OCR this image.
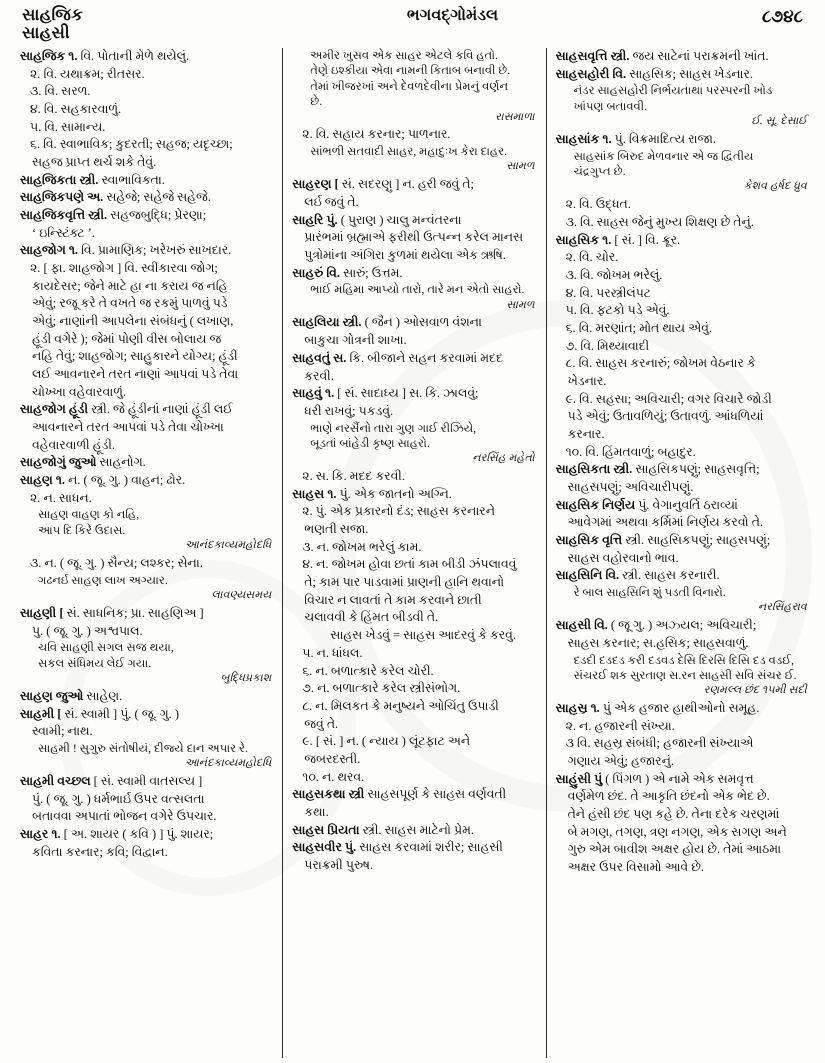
સાહજિક
સાહસી
ભગવદ્ગોમંડલ	૮૭૪૮
સાહજિક ૧. વિ. પોતાની મેળે થયેલું.
૨. વિ. યથાક્રમ; રીતસર.
૩. વિ. સરળ.
૪. વિ. સહકારવાળું.
૫. વિ. સામાન્ય.
૬. વિ. સ્વાભાવિક; કુદરતી; સહજ; યદૃચ્છા;
સહજ પ્રાપ્ત થર્ચ શકે તેવું.
સાહજિકતા સ્ત્રી. સ્વાભાવિકતા.
સાહજિકપણે અ. સહેજે; સહેજે સહેજે.
સાહજિકવૃત્તિ સ્ત્રી. સહજબુદ્ધિ; પ્રેરણા;
‘ ઇન્સ્ટિંક્ટ ’.
સાહજોગ ૧. વિ. પ્રામાણિક; ખરેખરું સાખદાર.
૨. [ ફા. શાહજોગ ] વિ. સ્વીકારવા જોગ;
કાયદેસર; જેને માટે હા ના કરાય જ નહિ
એવું; રજૂ કરે તે વખતે જ રકમું પાળવું પડે
એવું; નાણાંની આપલેના સંબંધનું ( લખાણ,
હૂંડી વગેરે ); જેમાં પોણી વીસ બોલાય જ
નહિ તેવું; શાહજોગ; સાહુકારને યોગ્ય; હૂંડી
લઈ આવનારને તરત નાણાં આપવાં પડે તેવા
ચોખ્ખા વહેવારવાળું.
સાહજોગ હૂંડી સ્ત્રી. જે હૂંડીનાં નાણાં હૂંડી લઈ
આવનારને તરત આપવાં પડે તેવા ચોખ્ખા
વહેવારવાળી હૂંડી.
સાહજોગું જુઓ સાહનોગ.
સાહણ ૧. ન. ( જૂ. ગુ. ) વાહન; ઢોર.
૨. ન. સાધન.
સાહણ વાહણ કો નહિ,
આપ દિ કિરે ઉદાસ.
આનંદકાવ્યમહોદધિ
૩. ન. ( જૂ. ગુ. ) સૈન્ય; લશ્કર; સેના.
ગઢનર્ઇ સાહણ લાખ અગ્યાર.
લાવણ્યસમય
સાહણી [ સં. સાધનિક; પ્રા. સાહણિઅ ]
પુ. ( જૂ. ગુ. ) અશ્વપાલ.
ચવિ સાહણી સગલ સજ થયા,
સકલ સંધિમય લેઈ ગયા.
બુદ્ધિપ્રકાશ
સાહણ જુઓ સાહેણ.
સાહમી [ સં. સ્વામી ] પું. ( જૂ. ગુ. )
સ્વામી; નાથ.
સાહમી ! સુગુરુ સંતોષીયં, દીજ્યે દાન અપાર રે.
આનંદકાવ્યમહોદધિ
સાહમી વચ્છલ [ સં. સ્વામી વાતસલ્ય ]
પું. ( જૂ. ગુ. ) ધર્મભાર્ઇ ઉપર વત્સલતા
બતાવવા અપાતાં ભોજન વગેરે ઉપચાર.
સાહર ૧. [ અ. શાયર ( કવિ ) ] પું. શાયર;
કવિતા કરનાર; કવિ; વિદ્વાન.
અમીર ખુસવ એક સાહર એટલે કવિ હતો.
તેણે ઇશ્કીયા એવા નામની કિતાબ બનાવી છે.
તેમાં ખીજરખાં અને દેવળદેવીના પ્રેમનું વર્ણન
છે.
રાસમાળા
૨. વિ. સહાય કરનાર; પાળનાર.
સાંભળી સતવાદી સાહર, મહાદુઃખ કેરા દાહર.
સામળ
સાહરણ [ સં. સદરણુ ] ન. હરી જવું તે;
લર્ઇ જવું તે.
સાહરિ પું. ( પુરાણ ) ચાલુ મન્વંતરના
પ્રારંભમાં બ્રહ્માએ ફરીથી ઉત્પન્ન કરેલ માનસ
પુત્રોમાંના અંગિરા કુળમાં થયેલા એક ઋષિ.
સાહરું વિ. સારું; ઉત્તમ.
ભાઈ મહિમા આપ્યો તારો, તારે મન એતો સાહરો.
સામળ
સાહલિયા સ્ત્રી. ( જૈન ) ઓસવાળ વંશના
બાકુચા ગોત્રની શાખા.
સાહવતું સ. કિ. બીજાને સહન કરવામાં મદદ
કરવી.
સાહવું ૧. [ સં. સાદાધ્ય ] સ. કિ. ઝાલવું;
ધરી રાખવું; પકડવું.
ભાણે નરસૈંનો તારા ગુણ ગાઈ રીઝિયે,
બૂડતાં બાંહેડી કૃષ્ણ સાહરો.
નરસિંહ મહેતો
૨. સ. કિ. મદદ કરવી.
સાહસ ૧. પું. એક જાતનો અગ્નિ.
૨. પું. એક પ્રકારનો દંડ; સાહસ કરનારને
ભણતી સજા.
૩. ન. જોખમ ભરેલું કામ.
૪. ન. જોખમ હોવા છતાં કામ બીડી ઝંપલાવવું
તે; કામ પાર પાડવામાં પ્રાણની હાનિ થવાનો
વિચાર ન લાવતાં તે કામ કરવાને છાતી
ચલાવવી કે હિંમત બીડવી તે.
સાહસ ખેડવું = સાહસ આદરવું કે કરવું.
૫. ન. ધાંધલ.
૬. ન. બળાત્કારે કરેલ ચોરી.
૭. ન. બળાત્કારે કરેલ સ્ત્રીસંભોગ.
૮. ન. મિલકત કે મનુષ્યને ઓચિંતુ ઉપાડી
જવું તે.
૯. [ સં. ] ન. ( ન્યાય ) લૂંટફાટ અને
જબરદસ્તી.
૧૦. ન. થરવ.
સાહસકથા સ્ત્રી સાહસપૂર્ણ કે સાહસ વર્ણવતી
કથા.
સાહસ પ્રિયતા સ્ત્રી. સાહસ માટેનો પ્રેમ.
સાહસવીર પું. સાહસ કરવામાં શરીર; સાહસી
પરાક્રમી પુરુષ.
સાહસવૃત્તિ સ્ત્રી. જય સાટેનાં પરાક્રમની ખાંત.
સાહસહોરી વિ. સાહસિક; સાહસ ખેડનાર.
નંડર સાહસહોરી નિર્ભયતાથા પરસ્પરની ખોડ
ખાંપણ બતાવવી.
ઈ. સૂ. દેસાઈ
સાહસાંક ૧. પું. વિક્રમાદિત્ય રાજા.
સાહસાંક બિરુદ મેળવનાર એ જ દ્વિતીય
ચંદ્રગુપ્ત છે.
કેશવ હર્ષદ ધ્રુવ
૨. વિ. ઉદ્ધત.
૩. વિ. સાહસ જેનું મુખ્ય શિક્ષણ છે તેનું.
સાહસિક ૧. [ સં. ] વિ. ક્રૂર.
૨. વિ. ચોર.
૩. વિ. જોખમ ભરેલું.
૪. વિ. પરસ્ત્રીલંપટ
૫. વિ. ફટકો પડે એવું.
૬. વિ. મરણાંત; મોત થાય એવું.
૭. વિ. મિથ્યાવાદી
૮. વિ. સાહસ કરનારું; જોખમ વેઠનાર કે
ખેડનાર.
૯. વિ. સહસા; અવિચારી; વગર વિચારે જોડી
પડે એવું; ઉતાવળિયું; ઉતાવળું. આંધળિયાં
કરનાર.
૧૦. વિ. હિંમતવાળું; બહાદુર.
સાહસિકતા સ્ત્રી. સાહસિકપણું; સાહસવૃત્તિ;
સાહસપણું; અવિચારીપણું.
સાહસિક નિર્ણય પું. વેગાનુવર્તિ ઠરાવ્યાં
આવેગમાં અથવા કર્મિમાં નિર્ણય કરવો તે.
સાહસિક વૃત્તિ સ્ત્રી. સાહસિકપણું; સાહસપણું;
સાહસ વહોરવાનો ભાવ.
સાહસિનિ વિ. સ્ત્રી. સાહસ કરનારી.
રે બાલ સાહસિનિ શું પડતી વિનારો.
નરસિંહરાવ
સાહસી વિ. ( જૂ ગુ. ) અઝ્યલ; અવિચારી;
સાહસ કરનાર; સ.હસિક; સાહસવાળું.
દડદી દડદડ કરી દડવડ દેસિ દિરસિ દિસિ દડ વડઈ,
સંચરઈ શક સુરતાણ સ.રન સાહસી સવિ સંચર ઈ.
રણમલ્લ છંદ ૧૫મી સદી
સાહસ્ર ૧. પું એક હજાર હાથીઓનો સમૂહ.
૨. ન. હજારની સંખ્યા.
૩ વિ. સહસ્ર સંબંધી; હજારની સંખ્યાએ
ગણાય એવું; હજારનું.
સાહુંસી પું ( પિંગળ ) એ નામે એક સમવૃત્ત
વર્ણમેળ છંદ. તે આકૃતિ છંદનો એક ભેદ છે.
તેને હંસી છંદ પણ કહે છે. તેના દરેક ચરણમાં
બે મગણ, તગણ, ત્રણ નગણ, એક સગણ અને
ગુરુ એમ બાવીશ અક્ષર હોય છે. તેમાં આઠમા
અક્ષર ઉપર વિસામો આવે છે.
